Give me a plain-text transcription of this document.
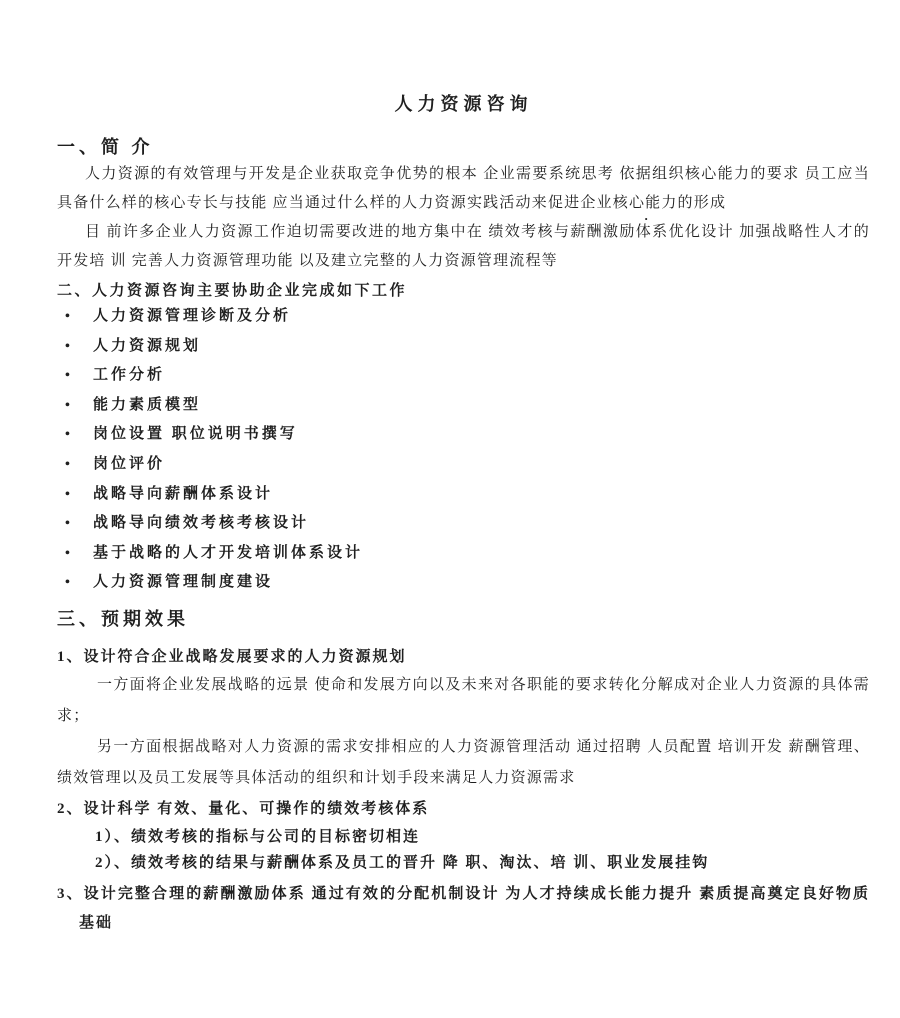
人力资源咨询
一、简 介

人力资源的有效管理与开发是企业获取竞争优势的根本 企业需要系统思考 依据组织核心能力的要求 员工应当具备什么样的核心专长与技能 应当通过什么样的人力资源实践活动来促进企业核心能力的形成

·

目 前许多企业人力资源工作迫切需要改进的地方集中在 绩效考核与薪酬激励体系优化设计 加强战略性人才的开发培 训 完善人力资源管理功能 以及建立完整的人力资源管理流程等

二、人力资源咨询主要协助企业完成如下工作
•	人力资源管理诊断及分析
•	人力资源规划
•	工作分析
•	能力素质模型
•	岗位设置 职位说明书撰写
•	岗位评价
•	战略导向薪酬体系设计
•	战略导向绩效考核考核设计
•	基于战略的人才开发培训体系设计
•	人力资源管理制度建设
三、预期效果
1、设计符合企业战略发展要求的人力资源规划

一方面将企业发展战略的远景 使命和发展方向以及未来对各职能的要求转化分解成对企业人力资源的具体需求；

另一方面根据战略对人力资源的需求安排相应的人力资源管理活动 通过招聘 人员配置 培训开发 薪酬管理、绩效管理以及员工发展等具体活动的组织和计划手段来满足人力资源需求

2、设计科学 有效、量化、可操作的绩效考核体系
1）、绩效考核的指标与公司的目标密切相连
2）、绩效考核的结果与薪酬体系及员工的晋升 降 职、淘汰、培 训、职业发展挂钩
3、设计完整合理的薪酬激励体系 通过有效的分配机制设计 为人才持续成长能力提升 素质提高奠定良好物质基础
